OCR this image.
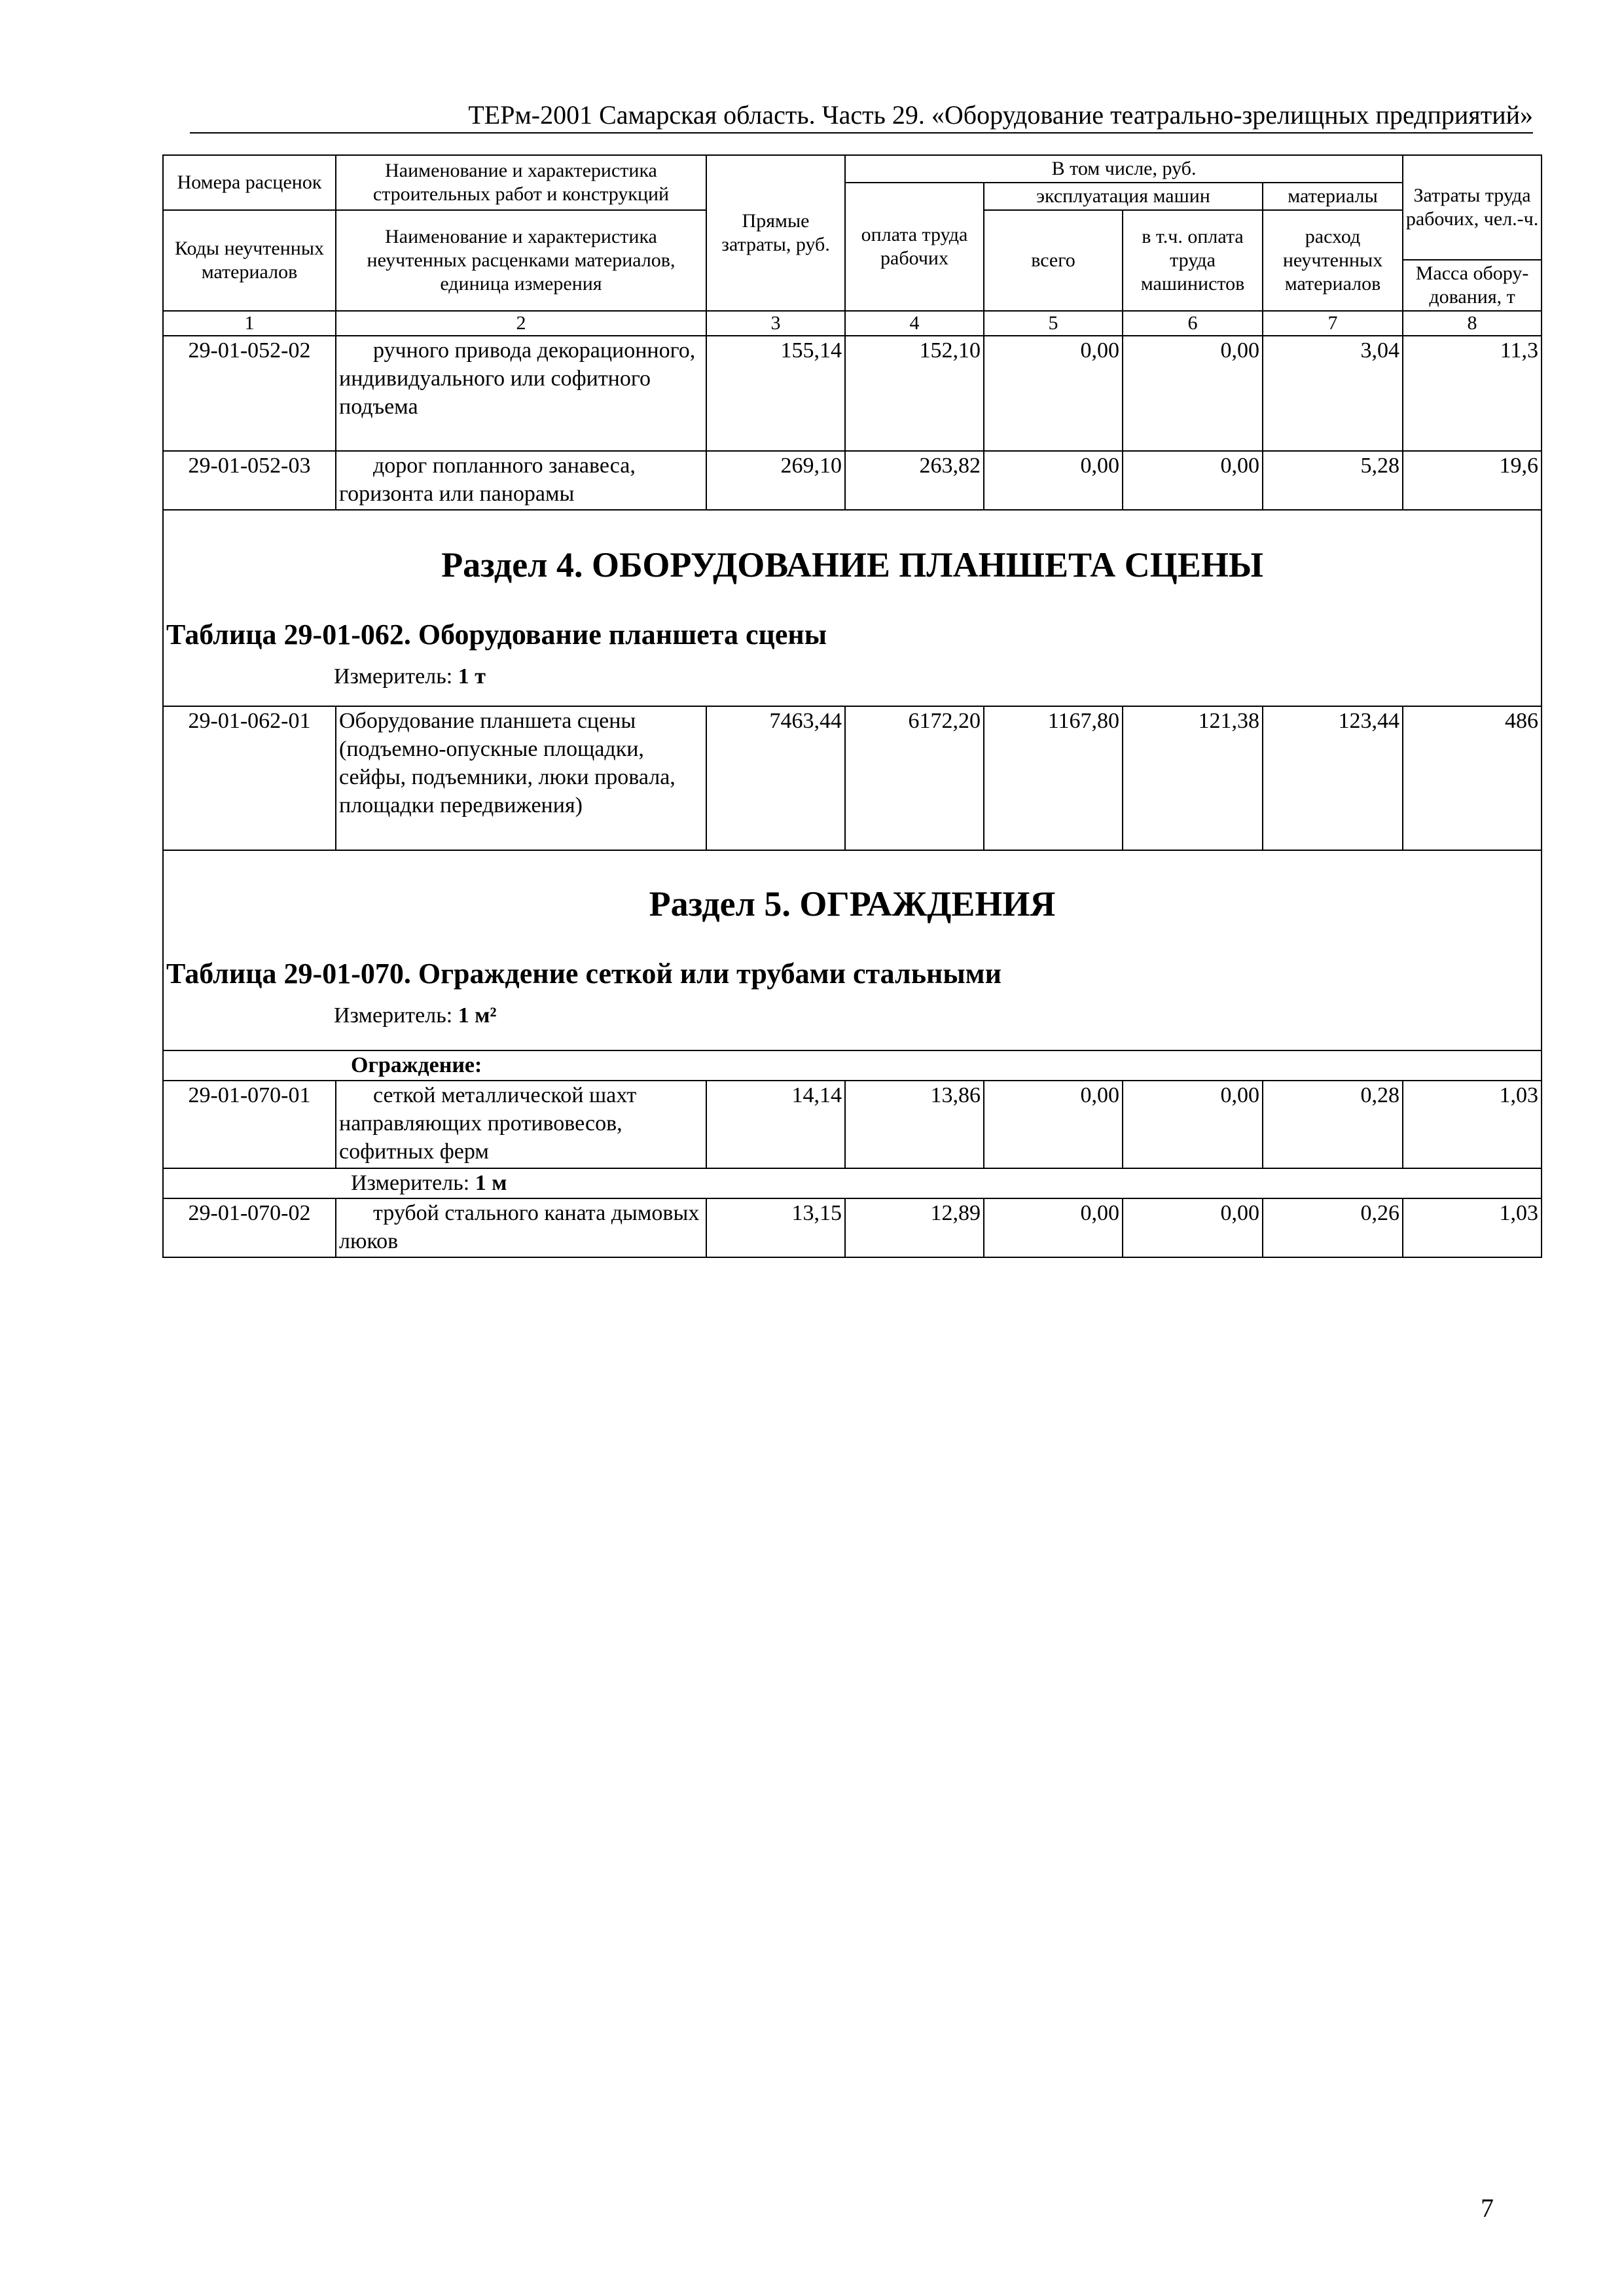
ТЕРм-2001 Самарская область. Часть 29. «Оборудование театрально-зрелищных предприятий»
Номера расценок	Наименование и характеристика строительных работ и конструкций	Прямые затраты, руб.	В том числе, руб.				Затраты труда рабочих, чел.-ч.
			оплата труда рабочих	эксплуатация машин		материалы	
Коды неучтенных материалов	Наименование и характеристика неучтенных расценками материалов, единица измерения			всего	в т.ч. оплата труда машинистов	расход неучтенных материалов	
							Масса обору-дования, т
1	2	3	4	5	6	7	8
29-01-052-02	ручного привода декорационного, индивидуального или софитного подъема	155,14	152,10	0,00	0,00	3,04	11,3
29-01-052-03	дорог попланного занавеса, горизонта или панорамы	269,10	263,82	0,00	0,00	5,28	19,6

Раздел 4. ОБОРУДОВАНИЕ ПЛАНШЕТА СЦЕНЫ
Таблица 29-01-062. Оборудование планшета сцены
Измеритель: 1 т							

29-01-062-01	Оборудование планшета сцены (подъемно-опускные площадки, сейфы, подъемники, люки провала, площадки передвижения)	7463,44	6172,20	1167,80	121,38	123,44	486

Раздел 5. ОГРАЖДЕНИЯ
Таблица 29-01-070. Ограждение сеткой или трубами стальными
Измеритель: 1 м²							

Ограждение:							
29-01-070-01	сеткой металлической шахт направляющих противовесов, софитных ферм	14,14	13,86	0,00	0,00	0,28	1,03
Измеритель: 1 м							
29-01-070-02	трубой стального каната дымовых люков	13,15	12,89	0,00	0,00	0,26	1,03
7
